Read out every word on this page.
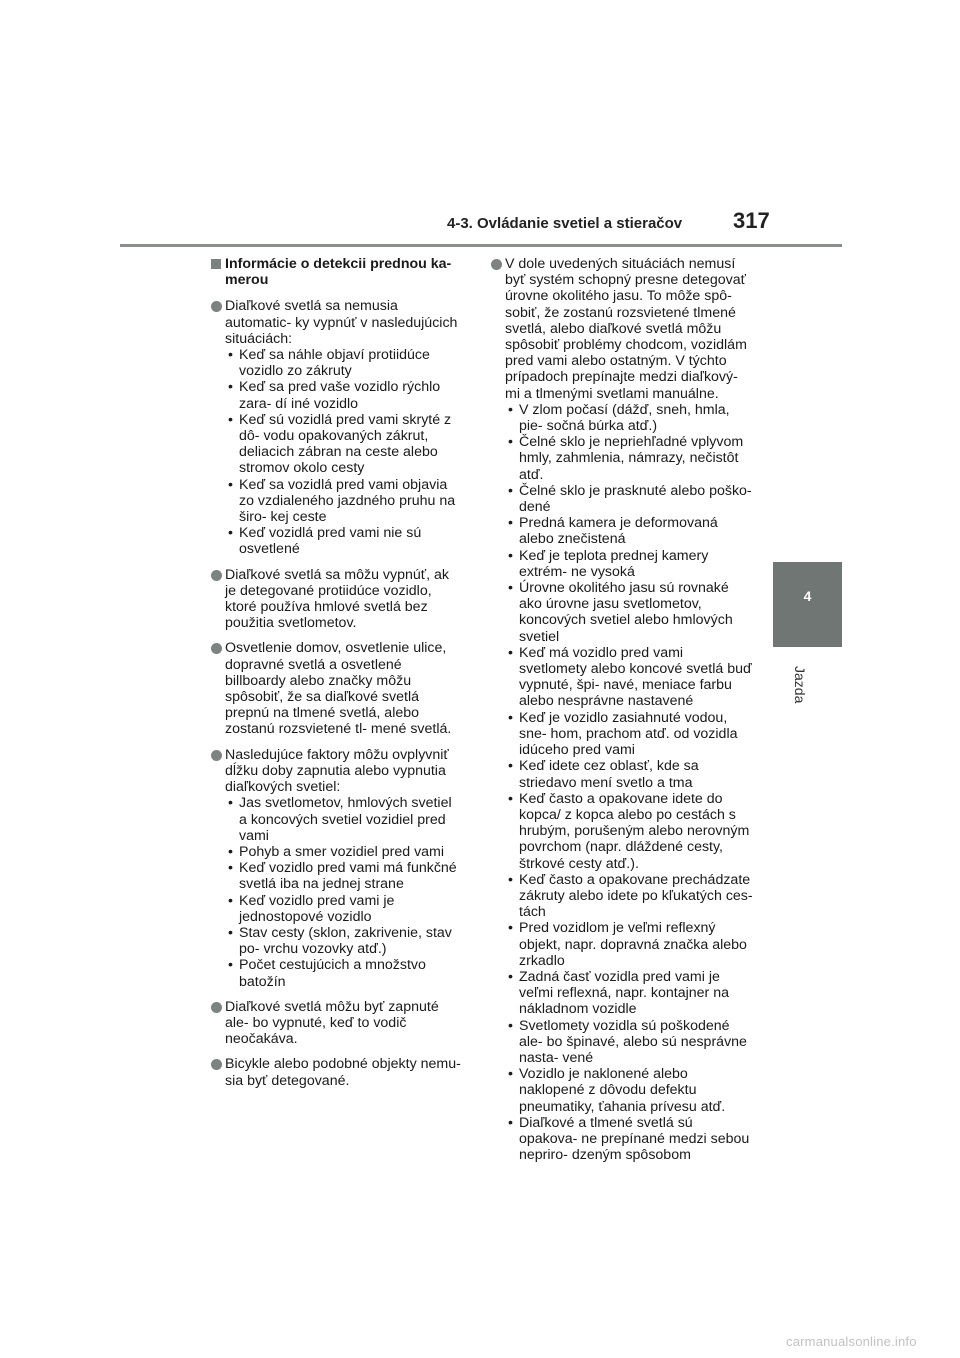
4-3. Ovládanie svetiel a stieračov 317
4
Jazda
Informácie o detekcii prednou ka- merou
Diaľkové svetlá sa nemusia automatic- ky vypnúť v nasledujúcich situáciách:
• Keď sa náhle objaví protiidúce vozidlo zo zákruty
• Keď sa pred vaše vozidlo rýchlo zara- dí iné vozidlo
• Keď sú vozidlá pred vami skryté z dô- vodu opakovaných zákrut, deliacich zábran na ceste alebo stromov okolo cesty
• Keď sa vozidlá pred vami objavia zo vzdialeného jazdného pruhu na širo- kej ceste
• Keď vozidlá pred vami nie sú osvetlené
Diaľkové svetlá sa môžu vypnúť, ak je detegované protiidúce vozidlo, ktoré používa hmlové svetlá bez použitia svetlometov.
Osvetlenie domov, osvetlenie ulice, dopravné svetlá a osvetlené billboardy alebo značky môžu spôsobiť, že sa diaľkové svetlá prepnú na tlmené svetlá, alebo zostanú rozsvietené tl- mené svetlá.
Nasledujúce faktory môžu ovplyvniť dĺžku doby zapnutia alebo vypnutia diaľkových svetiel:
• Jas svetlometov, hmlových svetiel a koncových svetiel vozidiel pred vami
• Pohyb a smer vozidiel pred vami
• Keď vozidlo pred vami má funkčné svetlá iba na jednej strane
• Keď vozidlo pred vami je jednostopové vozidlo
• Stav cesty (sklon, zakrivenie, stav po- vrchu vozovky atď.)
• Počet cestujúcich a množstvo batožín
Diaľkové svetlá môžu byť zapnuté ale- bo vypnuté, keď to vodič neočakáva.
Bicykle alebo podobné objekty nemu- sia byť detegované.
V dole uvedených situáciách nemusí byť systém schopný presne detegovať úrovne okolitého jasu. To môže spô- sobiť, že zostanú rozsvietené tlmené svetlá, alebo diaľkové svetlá môžu spôsobiť problémy chodcom, vozidlám pred vami alebo ostatným. V týchto prípadoch prepínajte medzi diaľkový- mi a tlmenými svetlami manuálne.
• V zlom počasí (dážď, sneh, hmla, pie- sočná búrka atď.)
• Čelné sklo je nepriehľadné vplyvom hmly, zahmlenia, námrazy, nečistôt atď.
• Čelné sklo je prasknuté alebo poško- dené
• Predná kamera je deformovaná alebo znečistená
• Keď je teplota prednej kamery extrém- ne vysoká
• Úrovne okolitého jasu sú rovnaké ako úrovne jasu svetlometov, koncových svetiel alebo hmlových svetiel
• Keď má vozidlo pred vami svetlomety alebo koncové svetlá buď vypnuté, špi- navé, meniace farbu alebo nesprávne nastavené
• Keď je vozidlo zasiahnuté vodou, sne- hom, prachom atď. od vozidla idúceho pred vami
• Keď idete cez oblasť, kde sa striedavo mení svetlo a tma
• Keď často a opakovane idete do kopca/ z kopca alebo po cestách s hrubým, porušeným alebo nerovným povrchom (napr. dláždené cesty, štrkové cesty atď.).
• Keď často a opakovane prechádzate zákruty alebo idete po kľukatých ces- tách
• Pred vozidlom je veľmi reflexný objekt, napr. dopravná značka alebo zrkadlo
• Zadná časť vozidla pred vami je veľmi reflexná, napr. kontajner na nákladnom vozidle
• Svetlomety vozidla sú poškodené ale- bo špinavé, alebo sú nesprávne nasta- vené
• Vozidlo je naklonené alebo naklopené z dôvodu defektu pneumatiky, ťahania prívesu atď.
• Diaľkové a tlmené svetlá sú opakova- ne prepínané medzi sebou nepriro- dzeným spôsobom
carmanualsonline.info
